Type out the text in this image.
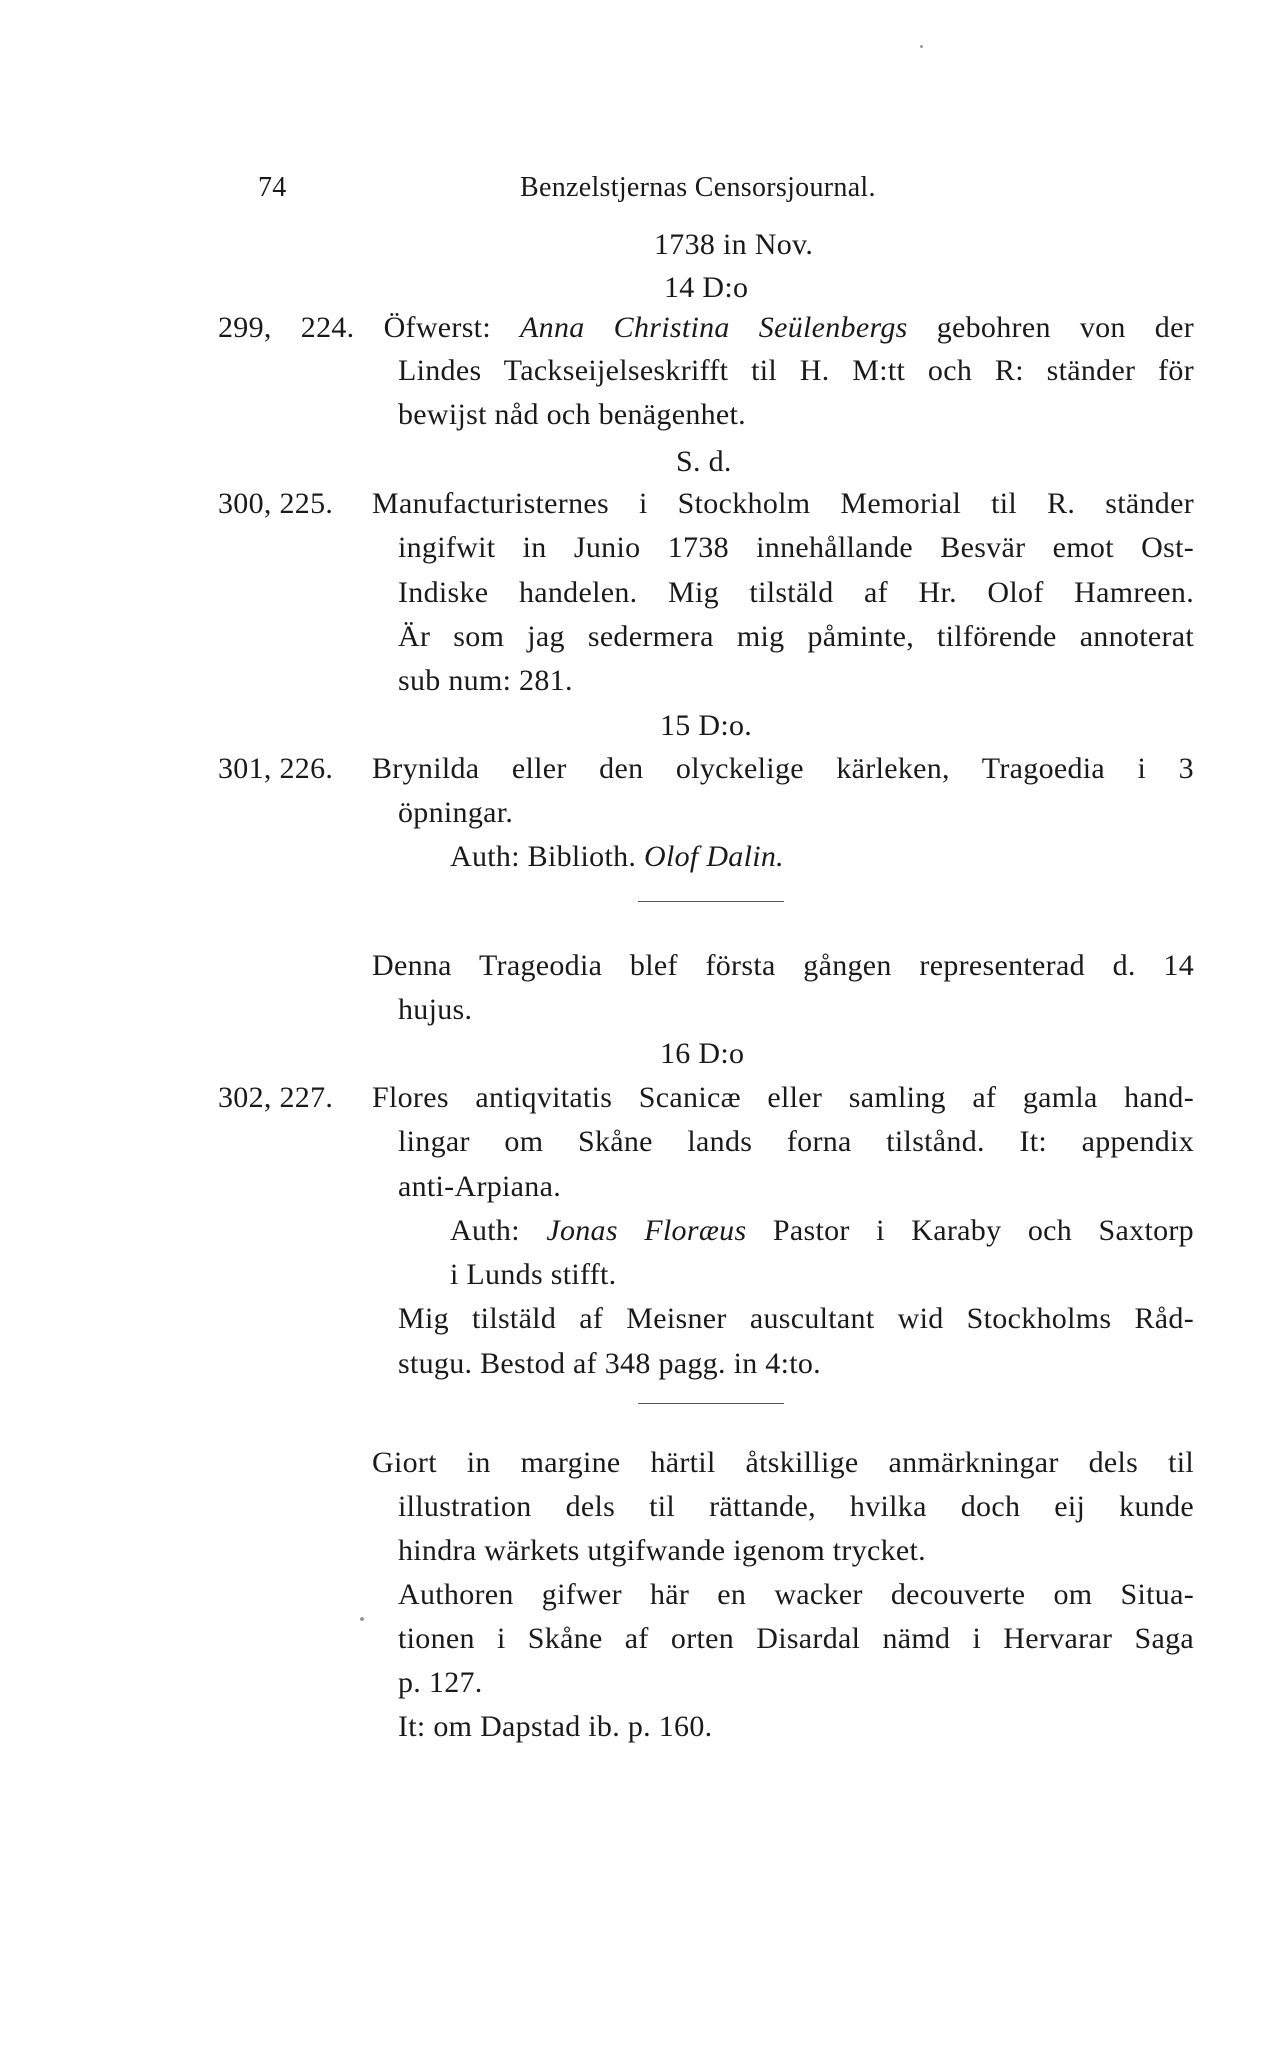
74	Benzelstjernas Censorsjournal.
1738 in Nov.
14 D:o
299, 224. Öfwerst: Anna Christina Seülenbergs gebohren von der
Lindes Tackseijelseskrifft til H. M:tt och R: ständer för
bewijst nåd och benägenhet.
S. d.
300, 225. Manufacturisternes i Stockholm Memorial til R. ständer
ingifwit in Junio 1738 innehållande Besvär emot Ost-
Indiske handelen. Mig tilstäld af Hr. Olof Hamreen.
Är som jag sedermera mig påminte, tilförende annoterat
sub num: 281.
15 D:o.
301, 226. Brynilda eller den olyckelige kärleken, Tragoedia i 3
öpningar.
Auth: Biblioth. Olof Dalin.
Denna Trageodia blef första gången representerad d. 14
hujus.
16 D:o
302, 227. Flores antiqvitatis Scanicæ eller samling af gamla hand-
lingar om Skåne lands forna tilstånd. It: appendix
anti-Arpiana.
Auth: Jonas Floræus Pastor i Karaby och Saxtorp
i Lunds stifft.
Mig tilstäld af Meisner auscultant wid Stockholms Råd-
stugu. Bestod af 348 pagg. in 4:to.
Giort in margine härtil åtskillige anmärkningar dels til
illustration dels til rättande, hvilka doch eij kunde
hindra wärkets utgifwande igenom trycket.
Authoren gifwer här en wacker decouverte om Situa-
tionen i Skåne af orten Disardal nämd i Hervarar Saga
p. 127.
It: om Dapstad ib. p. 160.
